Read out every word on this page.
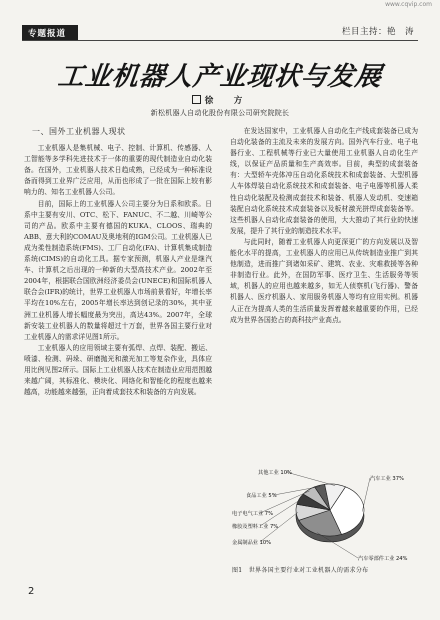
www.cqvip.com
专题报道	栏目主持：艳　涛
工业机器人产业现状与发展
徐　方
新松机器人自动化股份有限公司研究院院长
一、国外工业机器人现状

工业机器人是集机械、电子、控制、计算机、传感器、人工智能等多学科先进技术于一体的重要的现代制造业自动化装备。在国外，工业机器人技术日趋成熟，已经成为一种标准设备而得到工业界广泛应用，从而也形成了一批在国际上较有影响力的、知名工业机器人公司。

目前，国际上的工业机器人公司主要分为日系和欧系。日系中主要有安川、OTC、松下、FANUC、不二越、川崎等公司的产品。欧系中主要有德国的KUKA、CLOOS、瑞典的ABB、意大利的COMAU及奥地利的IGM公司。工业机器人已成为柔性制造系统(FMS)、工厂自动化(FA)、计算机集成制造系统(CIMS)的自动化工具。据专家预测，机器人产业是继汽车、计算机之后出现的一种新的大型高技术产业。2002年至2004年，根据联合国欧洲经济委员会(UNECE)和国际机器人联合会(IFR)的统计，世界工业机器人市场前景看好，年增长率平均在10%左右，2005年增长率达到创记录的30%，其中亚洲工业机器人增长幅度最为突出，高达43%。2007年，全球新安装工业机器人的数量将超过十万套，世界各国主要行业对工业机器人的需求详见图1所示。

工业机器人的应用领域主要有弧焊、点焊、装配、搬运、喷漆、检测、码垛、研磨抛光和激光加工等复杂作业，具体应用比例见图2所示。国际上工业机器人技术在制造业应用范围越来越广阔，其标准化、模块化、网络化和智能化的程度也越来越高，功能越来越强，正向着成套技术和装备的方向发展。

在发达国家中，工业机器人自动化生产线成套装备已成为自动化装备的主流及未来的发展方向。国外汽车行业、电子电器行业、工程机械等行业已大量使用工业机器人自动化生产线，以保证产品质量和生产高效率。目前，典型的成套装备有：大型轿车壳体冲压自动化系统技术和成套装备、大型机器人车体焊装自动化系统技术和成套装备、电子电器等机器人柔性自动化装配及检测成套技术和装备、机器人发动机、变速箱装配自动化系统技术成套装备以及板材激光拼焊成套装备等。这些机器人自动化成套装备的使用，大大推动了其行业的快速发展，提升了其行业的制造技术水平。

与此同时，随着工业机器人向更深更广的方向发展以及智能化水平的提高，工业机器人的应用已从传统制造业推广到其他制造，进而推广到诸如采矿、建筑、农业、灾难救援等各种非制造行业。此外，在国防军事、医疗卫生、生活服务等领域，机器人的应用也越来越多，如无人侦察机(飞行器)、警备机器人、医疗机器人、家用服务机器人等均有应用实例。机器人正在为提高人类的生活质量发挥着越来越重要的作用，已经成为世界各国抢占的高科技产业高点。

汽车工业 37%
汽车零部件工业 24%
金属制品业 10%
橡胶及塑料工业 7%
电子电气工业 7%
食品工业 5%
其他工业 10%
图1　世界各国主要行业对工业机器人的需求分布
2
